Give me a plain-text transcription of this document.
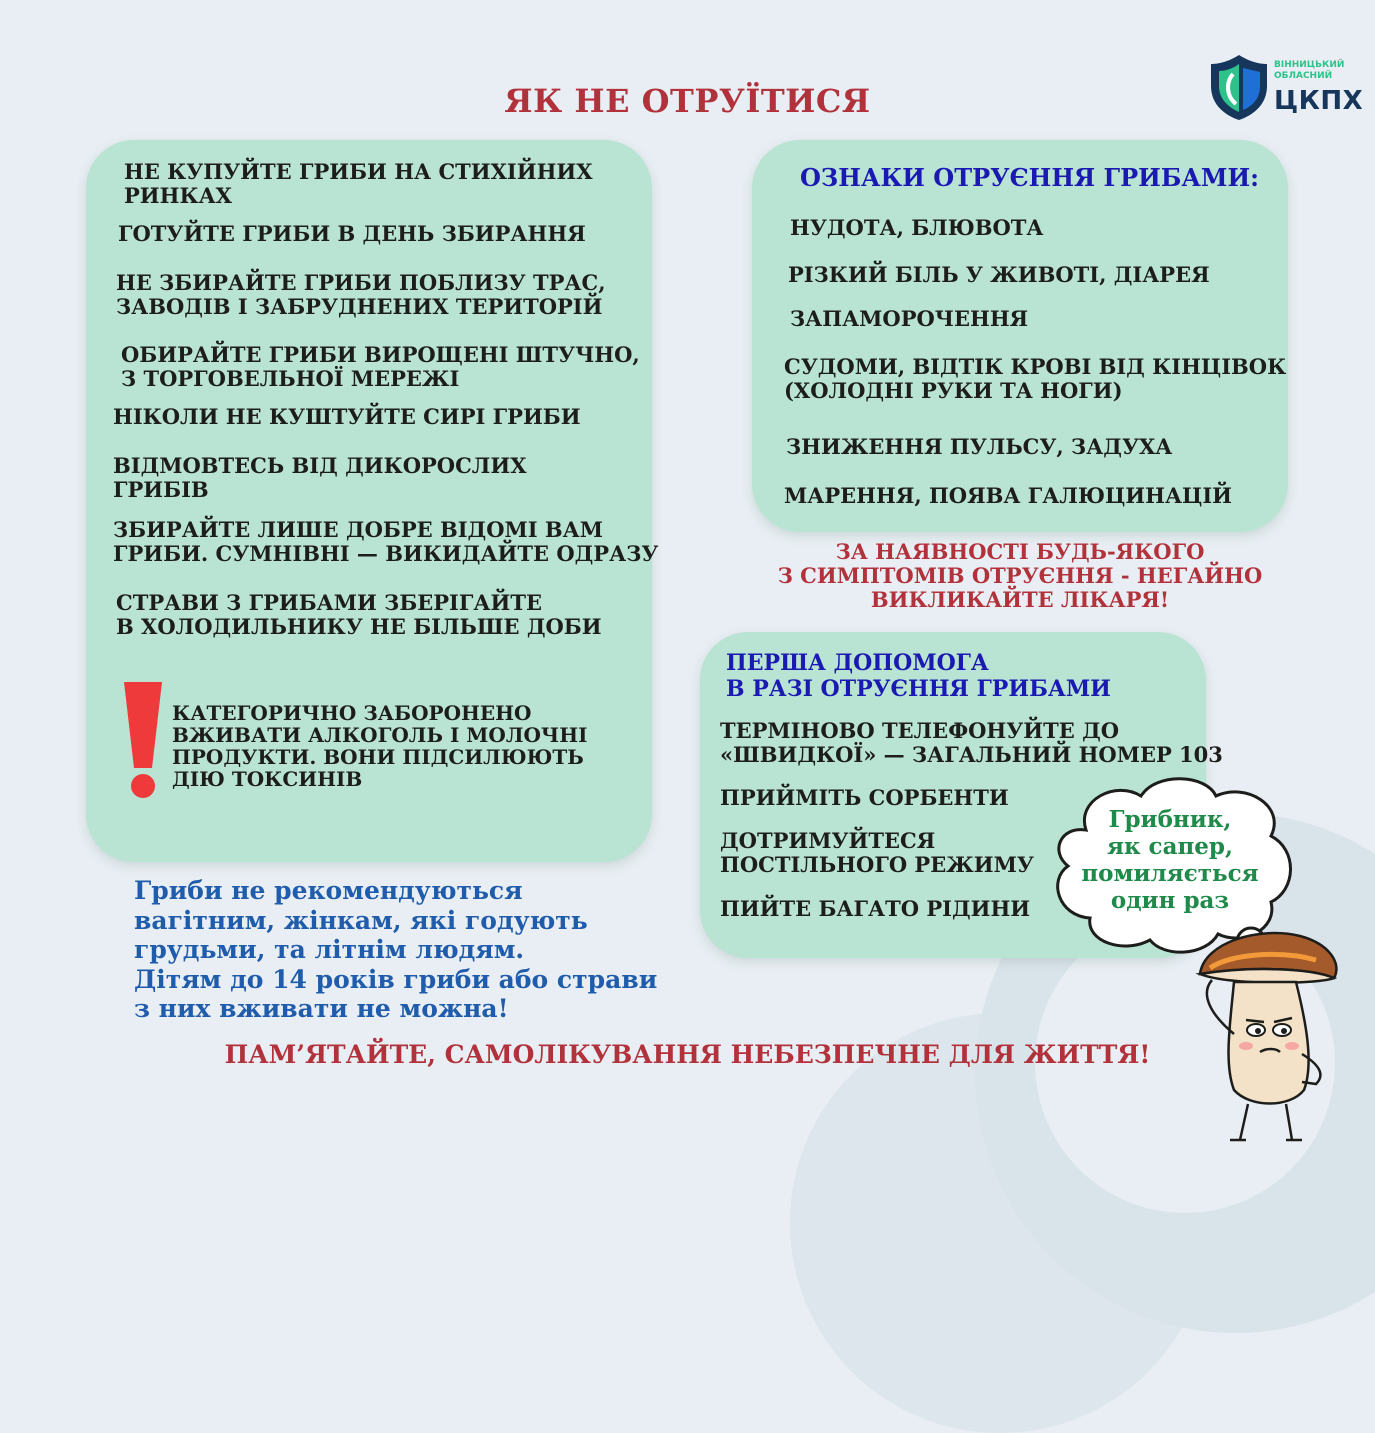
ЯК НЕ ОТРУЇТИСЯ
ВІННИЦЬКИЙ
ОБЛАСНИЙ
ЦКПХ
НЕ КУПУЙТЕ ГРИБИ НА СТИХІЙНИХ
РИНКАХ
ГОТУЙТЕ ГРИБИ В ДЕНЬ ЗБИРАННЯ
НЕ ЗБИРАЙТЕ ГРИБИ ПОБЛИЗУ ТРАС,
ЗАВОДІВ І ЗАБРУДНЕНИХ ТЕРИТОРІЙ
ОБИРАЙТЕ ГРИБИ ВИРОЩЕНІ ШТУЧНО,
З ТОРГОВЕЛЬНОЇ МЕРЕЖІ
НІКОЛИ НЕ КУШТУЙТЕ СИРІ ГРИБИ
ВІДМОВТЕСЬ ВІД ДИКОРОСЛИХ
ГРИБІВ
ЗБИРАЙТЕ ЛИШЕ ДОБРЕ ВІДОМІ ВАМ
ГРИБИ. СУМНІВНІ — ВИКИДАЙТЕ ОДРАЗУ
СТРАВИ З ГРИБАМИ ЗБЕРІГАЙТЕ
В ХОЛОДИЛЬНИКУ НЕ БІЛЬШЕ ДОБИ
КАТЕГОРИЧНО ЗАБОРОНЕНО
ВЖИВАТИ АЛКОГОЛЬ І МОЛОЧНІ
ПРОДУКТИ. ВОНИ ПІДСИЛЮЮТЬ
ДІЮ ТОКСИНІВ
ОЗНАКИ ОТРУЄННЯ ГРИБАМИ:
НУДОТА, БЛЮВОТА
РІЗКИЙ БІЛЬ У ЖИВОТІ, ДІАРЕЯ
ЗАПАМОРОЧЕННЯ
СУДОМИ, ВІДТІК КРОВІ ВІД КІНЦІВОК
(ХОЛОДНІ РУКИ ТА НОГИ)
ЗНИЖЕННЯ ПУЛЬСУ, ЗАДУХА
МАРЕННЯ, ПОЯВА ГАЛЮЦИНАЦІЙ
ЗА НАЯВНОСТІ БУДЬ-ЯКОГО
З СИМПТОМІВ ОТРУЄННЯ - НЕГАЙНО
ВИКЛИКАЙТЕ ЛІКАРЯ!
ПЕРША ДОПОМОГА
В РАЗІ ОТРУЄННЯ ГРИБАМИ
ТЕРМІНОВО ТЕЛЕФОНУЙТЕ ДО
«ШВИДКОЇ» — ЗАГАЛЬНИЙ НОМЕР 103
ПРИЙМІТЬ СОРБЕНТИ
ДОТРИМУЙТЕСЯ
ПОСТІЛЬНОГО РЕЖИМУ
ПИЙТЕ БАГАТО РІДИНИ
Гриби не рекомендуються
вагітним, жінкам, які годують
грудьми, та літнім людям.
Дітям до 14 років гриби або страви
з них вживати не можна!
Грибник,
як сапер,
помиляється
один раз
ПАМ’ЯТАЙТЕ, САМОЛІКУВАННЯ НЕБЕЗПЕЧНЕ ДЛЯ ЖИТТЯ!
